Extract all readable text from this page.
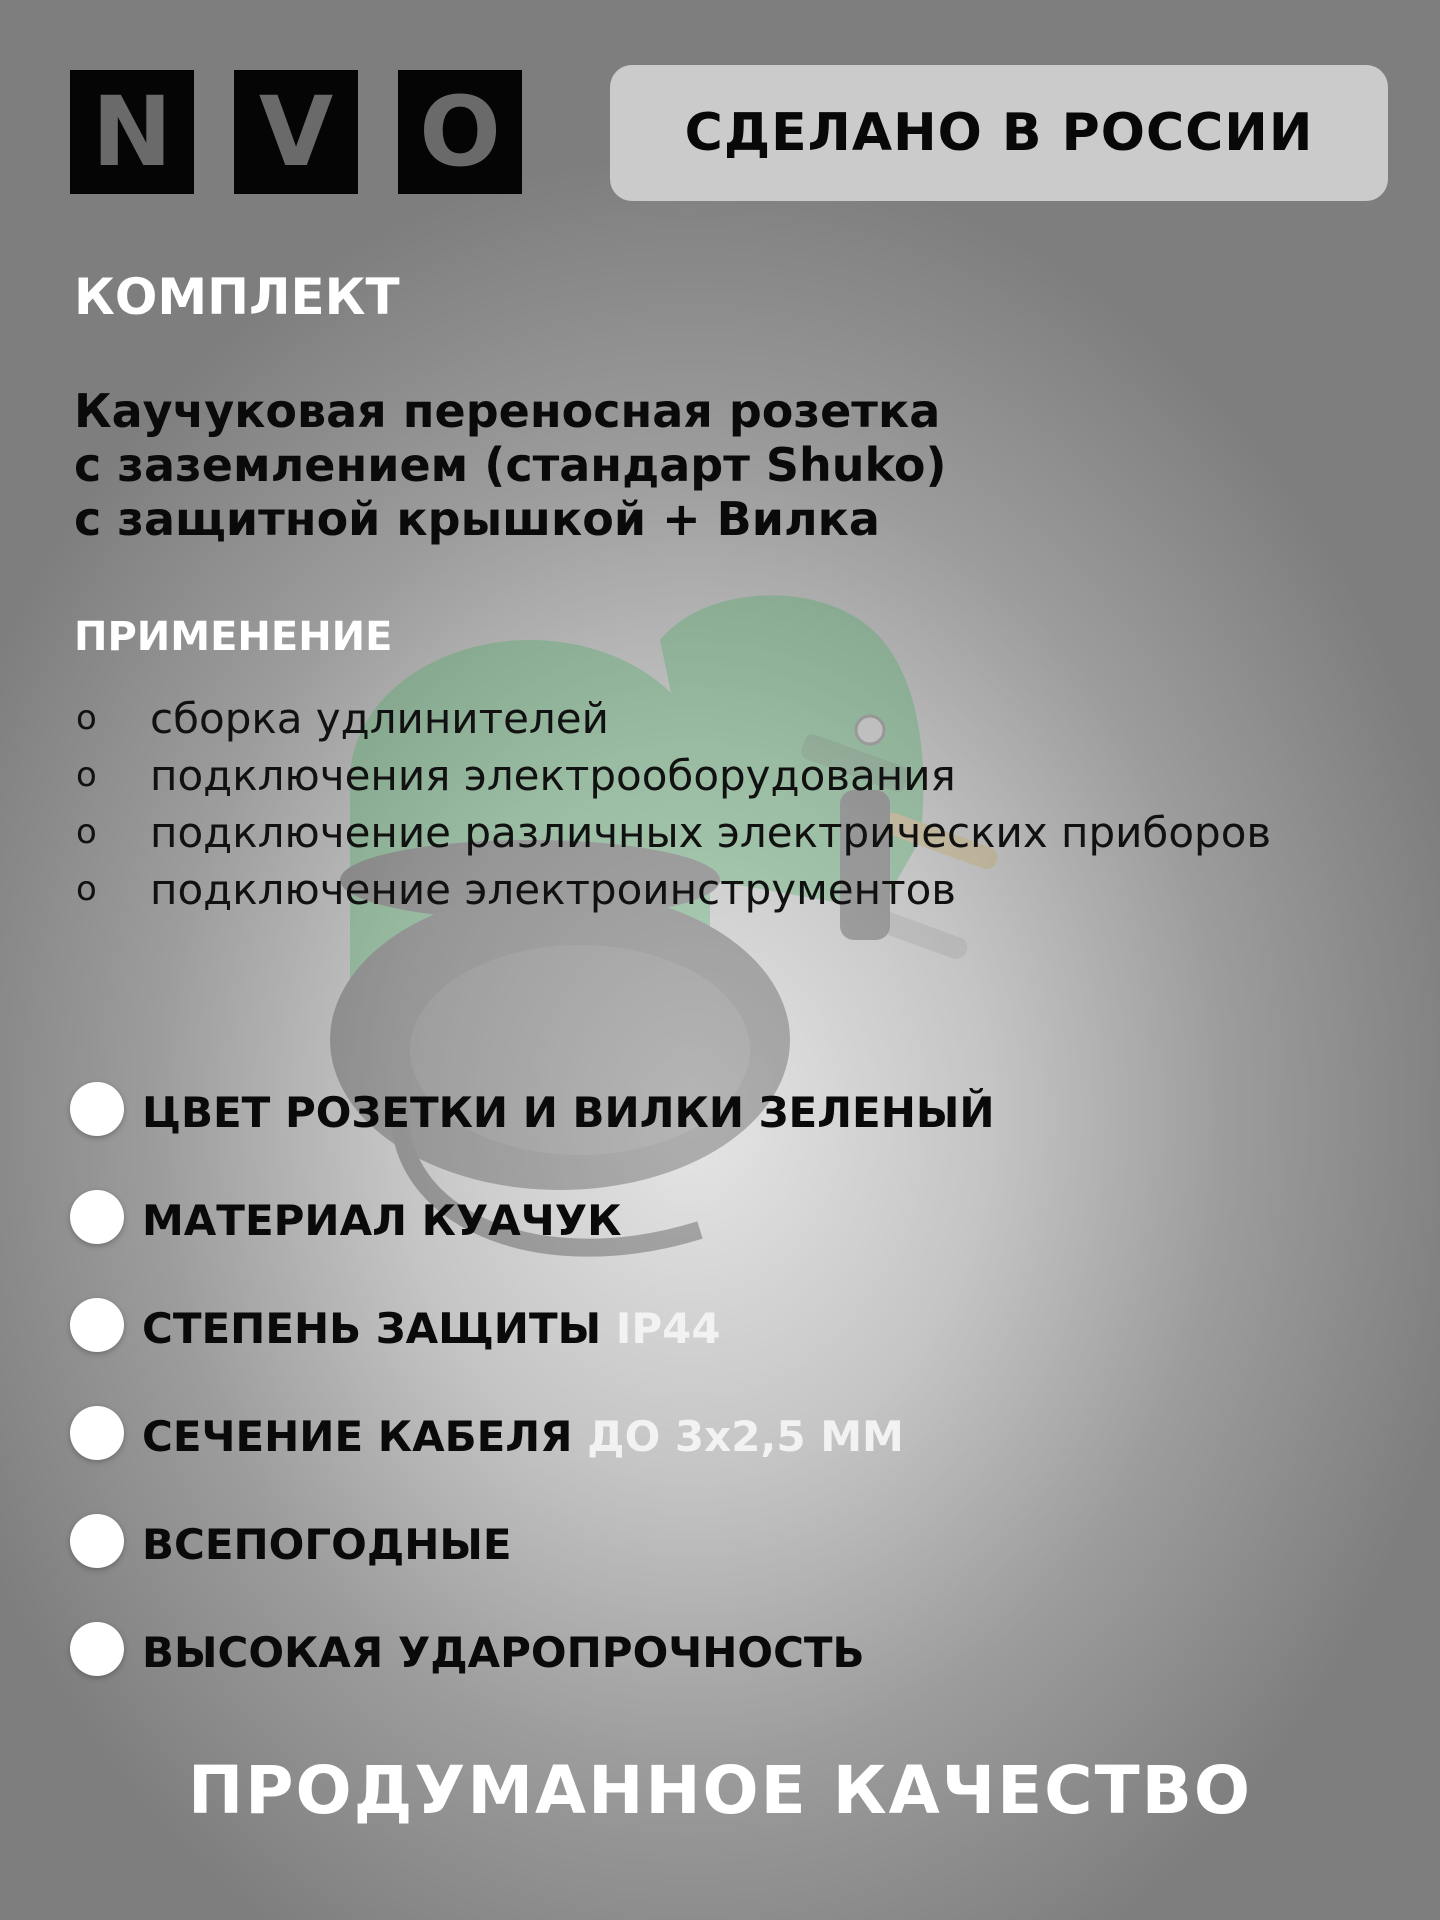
N V O	СДЕЛАНО В РОССИИ
КОМПЛЕКТ
Каучуковая переносная розетка
с заземлением (стандарт Shuko)
с защитной крышкой + Вилка
ПРИМЕНЕНИЕ
o	сборка удлинителей
o	подключения электрооборудования
o	подключение различных электрических приборов
o	подключение электроинструментов
ЦВЕТ РОЗЕТКИ И ВИЛКИ ЗЕЛЕНЫЙ
МАТЕРИАЛ КУАЧУК
СТЕПЕНЬ ЗАЩИТЫ IP44
СЕЧЕНИЕ КАБЕЛЯ ДО 3х2,5 ММ
ВСЕПОГОДНЫЕ
ВЫСОКАЯ УДАРОПРОЧНОСТЬ
ПРОДУМАННОЕ КАЧЕСТВО
